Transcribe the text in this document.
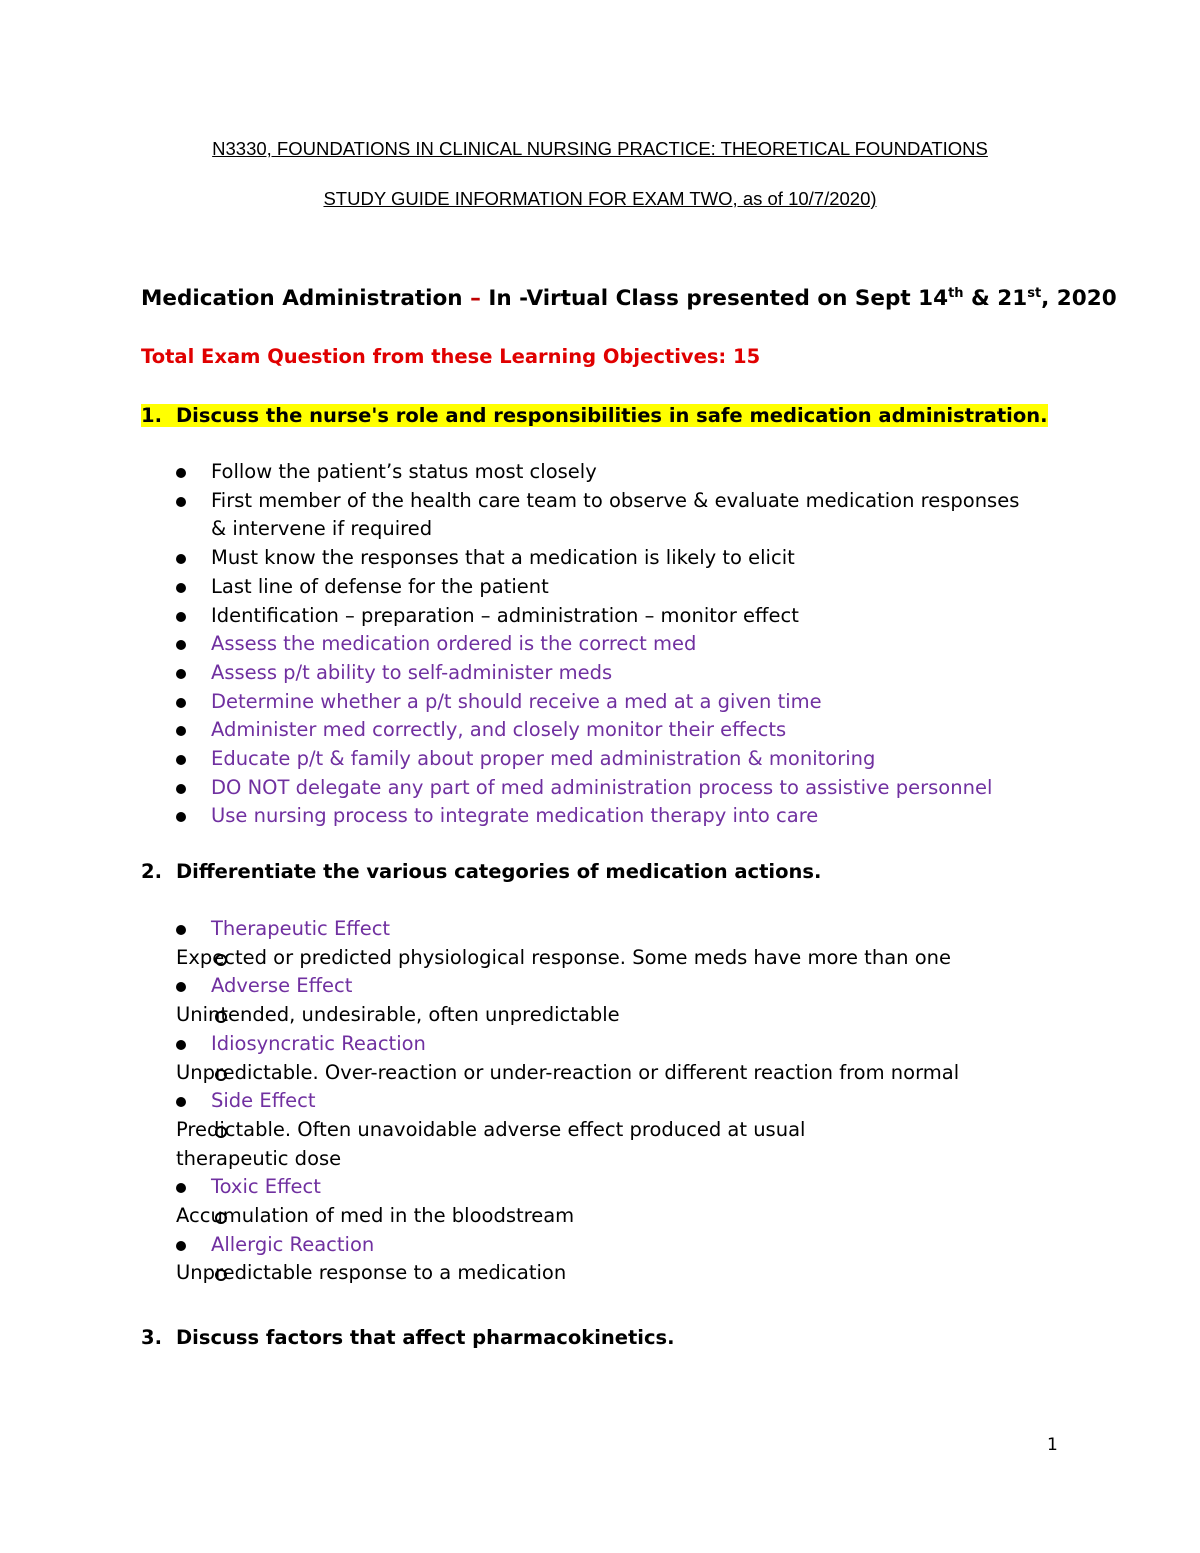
N3330, FOUNDATIONS IN CLINICAL NURSING PRACTICE: THEORETICAL FOUNDATIONS
STUDY GUIDE INFORMATION FOR EXAM TWO, as of 10/7/2020)
Medication Administration – In -Virtual Class presented on Sept 14th & 21st, 2020
Total Exam Question from these Learning Objectives: 15
1. Discuss the nurse's role and responsibilities in safe medication administration.
Follow the patient’s status most closely
First member of the health care team to observe & evaluate medication responses & intervene if required
Must know the responses that a medication is likely to elicit
Last line of defense for the patient
Identification – preparation – administration – monitor effect
Assess the medication ordered is the correct med
Assess p/t ability to self-administer meds
Determine whether a p/t should receive a med at a given time
Administer med correctly, and closely monitor their effects
Educate p/t & family about proper med administration & monitoring
DO NOT delegate any part of med administration process to assistive personnel
Use nursing process to integrate medication therapy into care
2. Differentiate the various categories of medication actions.
Therapeutic Effect
Expected or predicted physiological response. Some meds have more than one
Adverse Effect
Unintended, undesirable, often unpredictable
Idiosyncratic Reaction
Unpredictable. Over-reaction or under-reaction or different reaction from normal
Side Effect
Predictable. Often unavoidable adverse effect produced at usual therapeutic dose
Toxic Effect
Accumulation of med in the bloodstream
Allergic Reaction
Unpredictable response to a medication
3. Discuss factors that affect pharmacokinetics.
1
